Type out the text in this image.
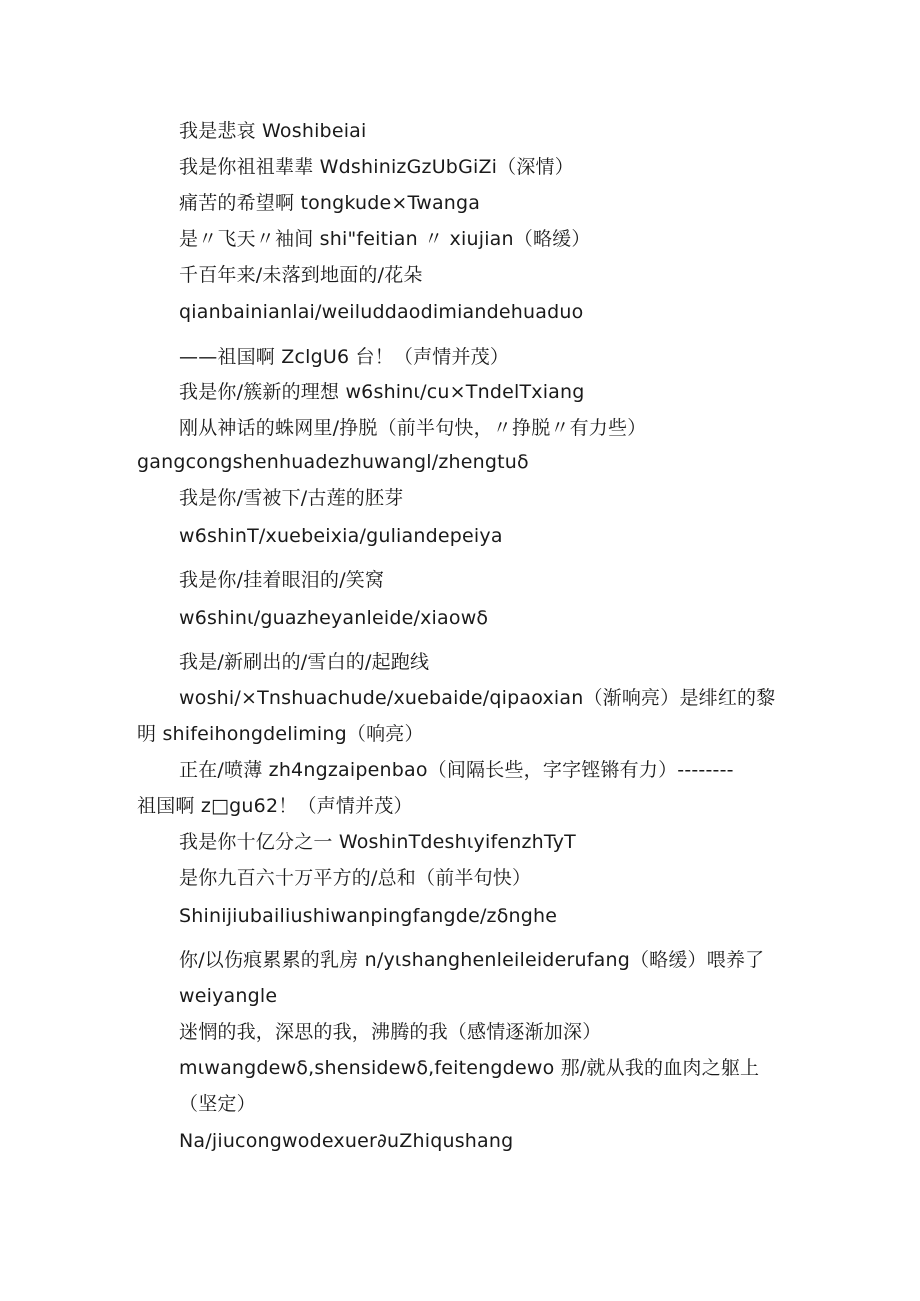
我是悲哀 Woshibeiai
我是你祖祖辈辈 WdshinizGzUbGiZi（深情）
痛苦的希望啊 tongkude×Twanga
是〃飞天〃袖间 shi"feitian 〃 xiujian（略缓）
千百年来/未落到地面的/花朵
qianbainianlai/weiluddaodimiandehuaduo
——祖国啊 ZclgU6 台！（声情并茂）
我是你/簇新的理想 w6shinι/cu×TndelTxiang
刚从神话的蛛网里/挣脱（前半句快，〃挣脱〃有力些）
gangcongshenhuadezhuwangl/zhengtuδ
我是你/雪被下/古莲的胚芽
w6shinT/xuebeixia/guliandepeiya
我是你/挂着眼泪的/笑窝
w6shinι/guazheyanleide/xiaowδ
我是/新刷出的/雪白的/起跑线
woshi/×Tnshuachude/xuebaide/qipaoxian（渐响亮）是绯红的黎
明 shifeihongdeliming（响亮）
正在/喷薄 zh4ngzaipenbao（间隔长些，字字铿锵有力）--------
祖国啊 z□gu62！（声情并茂）
我是你十亿分之一 WoshinTdeshιyifenzhTyT
是你九百六十万平方的/总和（前半句快）
Shinijiubailiushiwanpingfangde/zδnghe
你/以伤痕累累的乳房 n/yιshanghenleileiderufang（略缓）喂养了
weiyangle
迷惘的我，深思的我，沸腾的我（感情逐渐加深）
mιwangdewδ,shensidewδ,feitengdewo 那/就从我的血肉之躯上
（坚定）
Na/jiucongwodexuer∂uZhiqushang
